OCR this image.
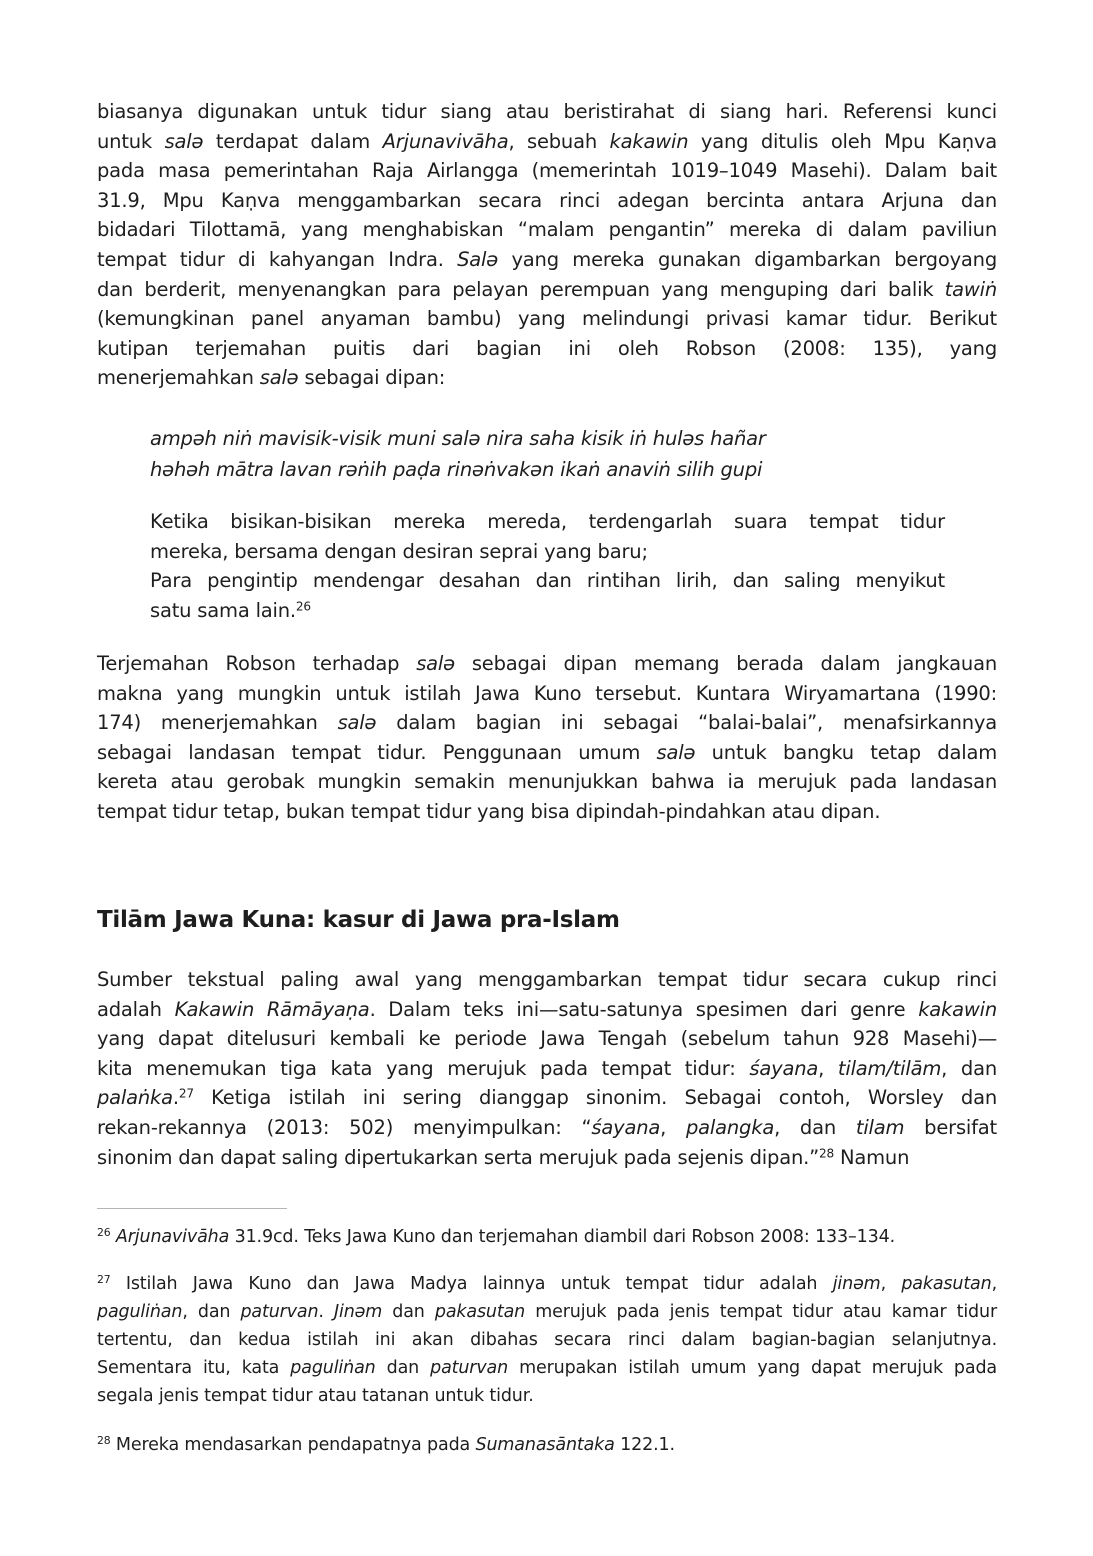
biasanya digunakan untuk tidur siang atau beristirahat di siang hari. Referensi kunci
untuk salə terdapat dalam Arjunavivāha, sebuah kakawin yang ditulis oleh Mpu Kaṇva
pada masa pemerintahan Raja Airlangga (memerintah 1019–1049 Masehi). Dalam bait
31.9, Mpu Kaṇva menggambarkan secara rinci adegan bercinta antara Arjuna dan
bidadari Tilottamā, yang menghabiskan “malam pengantin” mereka di dalam paviliun
tempat tidur di kahyangan Indra. Salə yang mereka gunakan digambarkan bergoyang
dan berderit, menyenangkan para pelayan perempuan yang menguping dari balik tawiṅ
(kemungkinan panel anyaman bambu) yang melindungi privasi kamar tidur. Berikut
kutipan terjemahan puitis dari bagian ini oleh Robson (2008: 135), yang
menerjemahkan salə sebagai dipan:

ampəh niṅ mavisik-visik muni salə nira saha kisik iṅ huləs hañar

həhəh mātra lavan rəṅih paḍa rinəṅvakən ikaṅ anaviṅ silih gupi

Ketika bisikan-bisikan mereka mereda, terdengarlah suara tempat tidur
mereka, bersama dengan desiran seprai yang baru;
Para pengintip mendengar desahan dan rintihan lirih, dan saling menyikut
satu sama lain.$^{26}$

Terjemahan Robson terhadap salə sebagai dipan memang berada dalam jangkauan
makna yang mungkin untuk istilah Jawa Kuno tersebut. Kuntara Wiryamartana (1990:
174) menerjemahkan salə dalam bagian ini sebagai “balai-balai”, menafsirkannya
sebagai landasan tempat tidur. Penggunaan umum salə untuk bangku tetap dalam
kereta atau gerobak mungkin semakin menunjukkan bahwa ia merujuk pada landasan
tempat tidur tetap, bukan tempat tidur yang bisa dipindah-pindahkan atau dipan.

Tilām Jawa Kuna: kasur di Jawa pra-Islam

Sumber tekstual paling awal yang menggambarkan tempat tidur secara cukup rinci
adalah Kakawin Rāmāyaṇa. Dalam teks ini—satu-satunya spesimen dari genre kakawin
yang dapat ditelusuri kembali ke periode Jawa Tengah (sebelum tahun 928 Masehi)—
kita menemukan tiga kata yang merujuk pada tempat tidur: śayana, tilam/tilām, dan
palaṅka.$^{27}$ Ketiga istilah ini sering dianggap sinonim. Sebagai contoh, Worsley dan
rekan-rekannya (2013: 502) menyimpulkan: “śayana, palangka, dan tilam bersifat
sinonim dan dapat saling dipertukarkan serta merujuk pada sejenis dipan.”$^{28}$ Namun

$^{26}$ Arjunavivāha 31.9cd. Teks Jawa Kuno dan terjemahan diambil dari Robson 2008: 133–134.

$^{27}$ Istilah Jawa Kuno dan Jawa Madya lainnya untuk tempat tidur adalah jinəm, pakasutan,
paguliṅan, dan paturvan. Jinəm dan pakasutan merujuk pada jenis tempat tidur atau kamar tidur
tertentu, dan kedua istilah ini akan dibahas secara rinci dalam bagian-bagian selanjutnya.
Sementara itu, kata paguliṅan dan paturvan merupakan istilah umum yang dapat merujuk pada
segala jenis tempat tidur atau tatanan untuk tidur.

$^{28}$ Mereka mendasarkan pendapatnya pada Sumanasāntaka 122.1.
